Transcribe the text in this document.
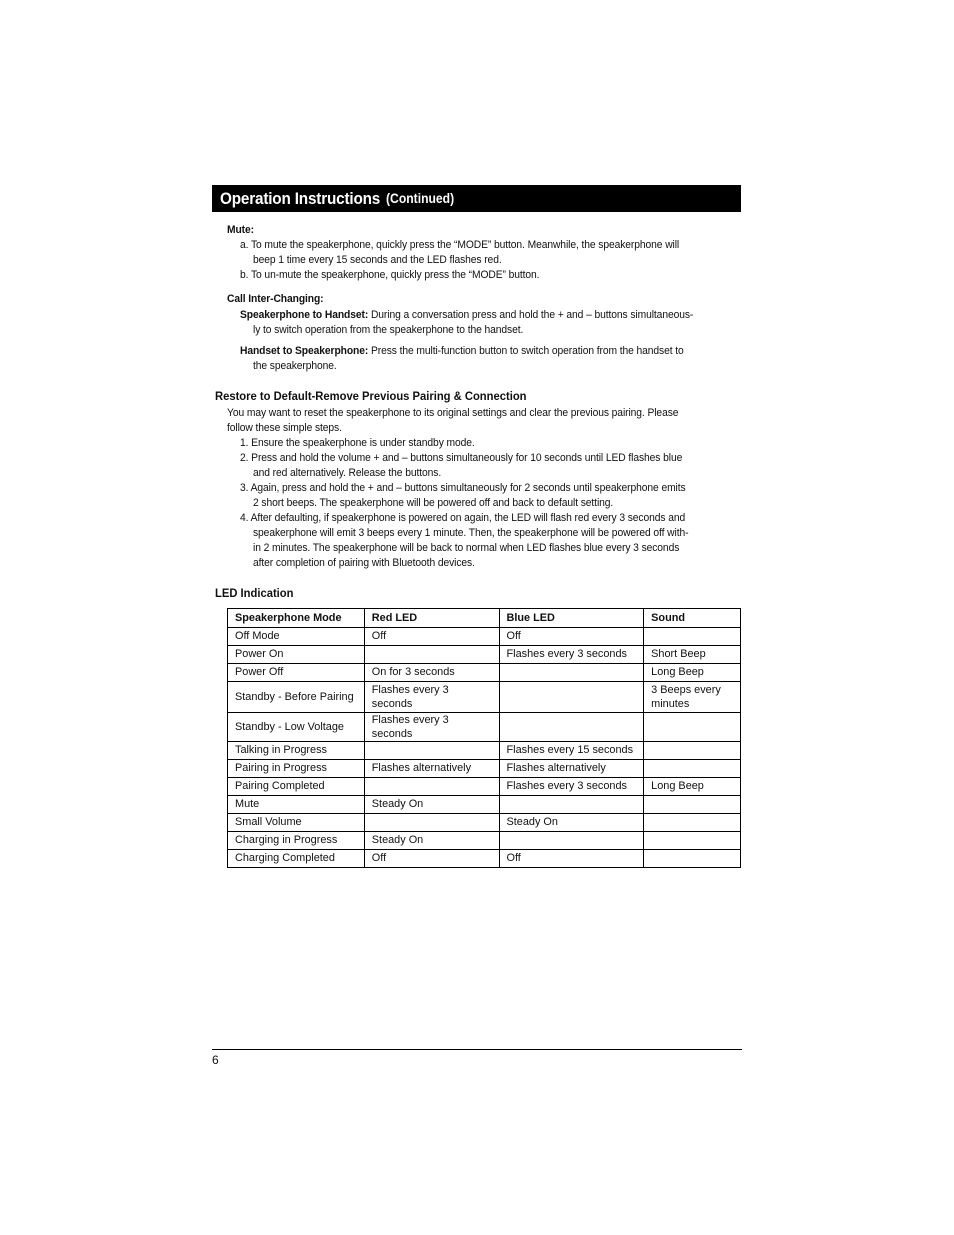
Operation Instructions (Continued)
Mute:
a. To mute the speakerphone, quickly press the “MODE” button. Meanwhile, the speakerphone will
beep 1 time every 15 seconds and the LED flashes red.
b. To un-mute the speakerphone, quickly press the “MODE” button.
Call Inter-Changing:
Speakerphone to Handset: During a conversation press and hold the + and – buttons simultaneous-
ly to switch operation from the speakerphone to the handset.
Handset to Speakerphone: Press the multi-function button to switch operation from the handset to
the speakerphone.
Restore to Default-Remove Previous Pairing & Connection
You may want to reset the speakerphone to its original settings and clear the previous pairing. Please
follow these simple steps.
1. Ensure the speakerphone is under standby mode.
2. Press and hold the volume + and – buttons simultaneously for 10 seconds until LED flashes blue
and red alternatively. Release the buttons.
3. Again, press and hold the + and – buttons simultaneously for 2 seconds until speakerphone emits
2 short beeps. The speakerphone will be powered off and back to default setting.
4. After defaulting, if speakerphone is powered on again, the LED will flash red every 3 seconds and
speakerphone will emit 3 beeps every 1 minute. Then, the speakerphone will be powered off with-
in 2 minutes. The speakerphone will be back to normal when LED flashes blue every 3 seconds
after completion of pairing with Bluetooth devices.
LED Indication
Speakerphone Mode	Red LED	Blue LED	Sound
Off Mode	Off	Off	
Power On		Flashes every 3 seconds	Short Beep
Power Off	On for 3 seconds		Long Beep
Standby - Before Pairing	Flashes every 3 seconds		3 Beeps every minutes
Standby - Low Voltage	Flashes every 3 seconds		
Talking in Progress		Flashes every 15 seconds	
Pairing in Progress	Flashes alternatively	Flashes alternatively	
Pairing Completed		Flashes every 3 seconds	Long Beep
Mute	Steady On		
Small Volume		Steady On	
Charging in Progress	Steady On		
Charging Completed	Off	Off	
6
